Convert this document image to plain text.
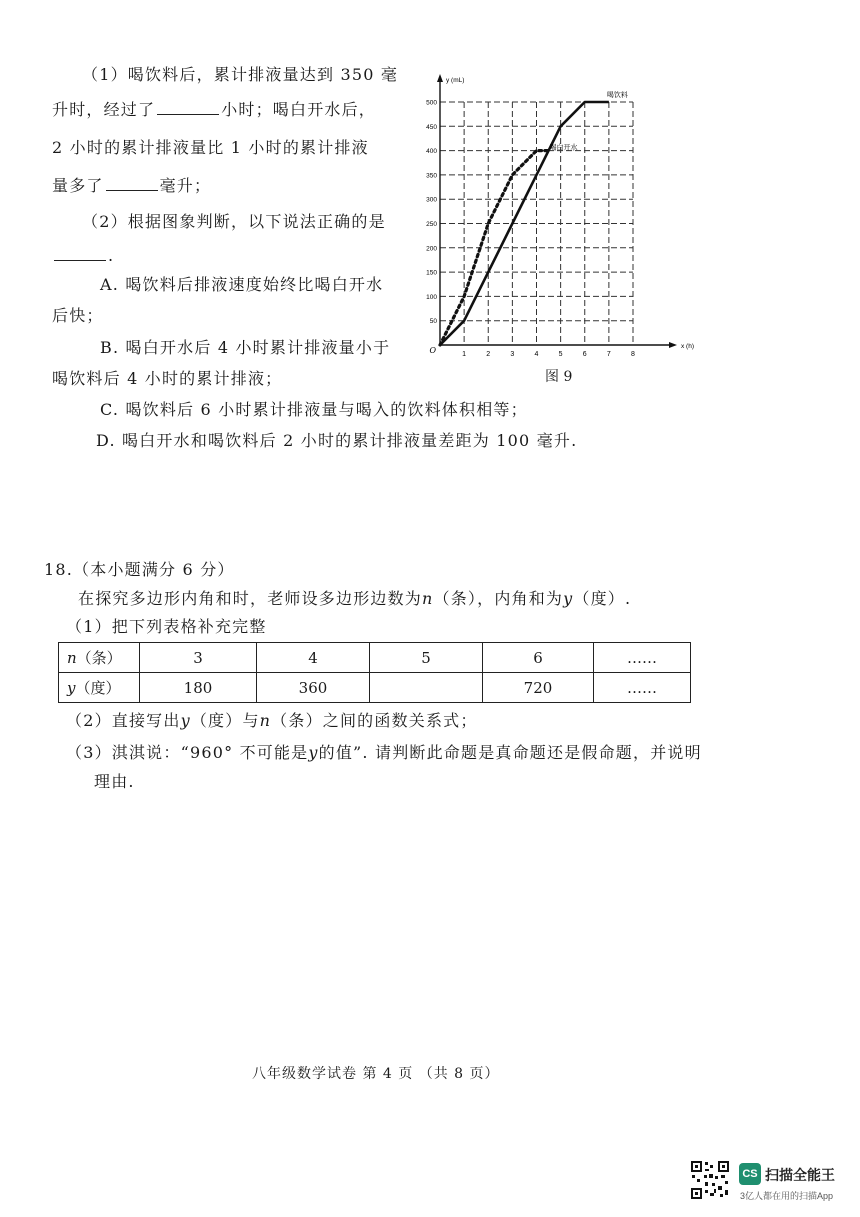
（1）喝饮料后，累计排液量达到 350 毫
升时，经过了	小时；喝白开水后，
2 小时的累计排液量比 1 小时的累计排液
量多了	毫升；
（2）根据图象判断，以下说法正确的是
.
A. 喝饮料后排液速度始终比喝白开水
后快；
B. 喝白开水后 4 小时累计排液量小于
喝饮料后 4 小时的累计排液；
C. 喝饮料后 6 小时累计排液量与喝入的饮料体积相等；
D. 喝白开水和喝饮料后 2 小时的累计排液量差距为 100 毫升.
1	2	3	4	5	6	7	8
50
100
150
200
250
300
350
400
450
500
O
y (mL)
x (h)
喝饮料
喝白开水
图 9
18.（本小题满分 6 分）
在探究多边形内角和时，老师设多边形边数为n（条），内角和为y（度）.
（1）把下列表格补充完整
n（条）	3	4	5	6	……
y（度）	180	360		720	……
（2）直接写出y（度）与n（条）之间的函数关系式；
（3）淇淇说：“960° 不可能是y的值”. 请判断此命题是真命题还是假命题，并说明
理由.
八年级数学试卷 第 4 页 （共 8 页）
CS 扫描全能王
3亿人都在用的扫描App
